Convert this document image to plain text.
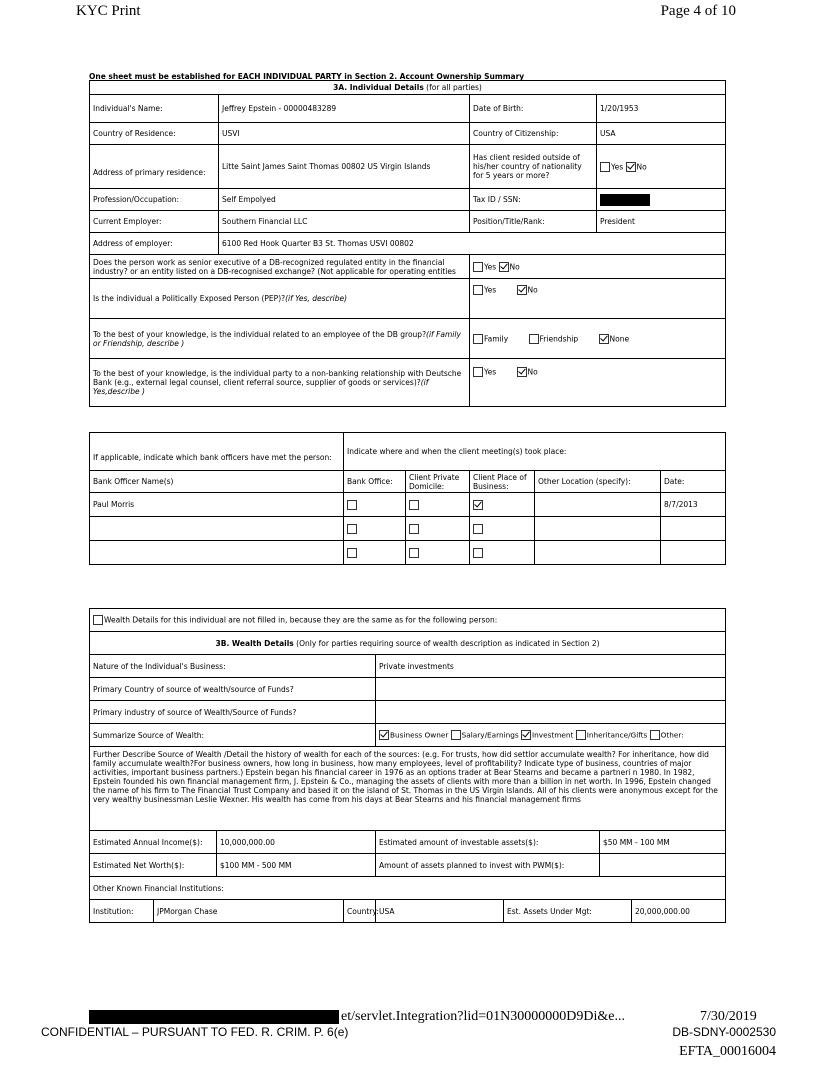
KYC Print	Page 4 of 10
One sheet must be established for EACH INDIVIDUAL PARTY in Section 2. Account Ownership Summary
3A. Individual Details (for all parties)							
Individual's Name:	Jeffrey Epstein - 00000483289			Date of Birth:		1/20/1953	
Country of Residence:	USVI			Country of Citizenship:		USA	
Address of primary residence:	Litte Saint James Saint Thomas 00802 US Virgin Islands			Has client resided outside of his/her country of nationality for 5 years or more?		Yes No	
Profession/Occupation:	Self Empolyed			Tax ID / SSN:			
Current Employer:	Southern Financial LLC			Position/Title/Rank:		President	
Address of employer:	6100 Red Hook Quarter B3 St. Thomas USVI 00802						
Does the person work as senior executive of a DB-recognized regulated entity in the financial industry? or an entity listed on a DB-recognised exchange? (Not applicable for operating entities				Yes No			
Is the individual a Politically Exposed Person (PEP)?(if Yes, describe)				Yes No			
To the best of your knowledge, is the individual related to an employee of the DB group?(if Family or Friendship, describe )				Family Friendship None			
To the best of your knowledge, is the individual party to a non-banking relationship with Deutsche Bank (e.g., external legal counsel, client referral source, supplier of goods or services)?(if Yes,describe )				Yes No			

If applicable, indicate which bank officers have met the person:		Indicate where and when the client meeting(s) took place:					
Bank Officer Name(s)		Bank Office:	Client Private Domicile:	Client Place of Business:	Other Location (specify):		Date:
Paul Morris							8/7/2013

Wealth Details for this individual are not filled in, because they are the same as for the following person:							
3B. Wealth Details (Only for parties requiring source of wealth description as indicated in Section 2)							
Nature of the Individual's Business:				Private investments			
Primary Country of source of wealth/source of Funds?							
Primary industry of source of Wealth/Source of Funds?							
Summarize Source of Wealth:				Business Owner Salary/Earnings Investment Inheritance/Gifts Other:			
Further Describe Source of Wealth /Detail the history of wealth for each of the sources: (e.g. For trusts, how did settlor accumulate wealth? For inheritance, how did family accumulate wealth?For business owners, how long in business, how many employees, level of profitability? Indicate type of business, countries of major activities, important business partners.) Epstein began his financial career in 1976 as an options trader at Bear Stearns and became a partneri n 1980. In 1982, Epstein founded his own financial management firm, J. Epstein & Co., managing the assets of clients with more than a billion in net worth. In 1996, Epstein changed the name of his firm to The Financial Trust Company and based it on the island of St. Thomas in the US Virgin Islands. All of his clients were anonymous except for the very wealthy businessman Leslie Wexner. His wealth has come from his days at Bear Stearns and his financial management firms							
Estimated Annual Income($):		10,000,000.00		Estimated amount of investable assets($):		$50 MM - 100 MM	
Estimated Net Worth($):		$100 MM - 500 MM		Amount of assets planned to invest with PWM($):			
Other Known Financial Institutions:							
Institution:	JPMorgan Chase		Country:	USA	Est. Assets Under Mgt:		20,000,000.00
et/servlet.Integration?lid=01N30000000D9Di&e...	7/30/2019
CONFIDENTIAL – PURSUANT TO FED. R. CRIM. P. 6(e)	DB-SDNY-0002530
EFTA_00016004
